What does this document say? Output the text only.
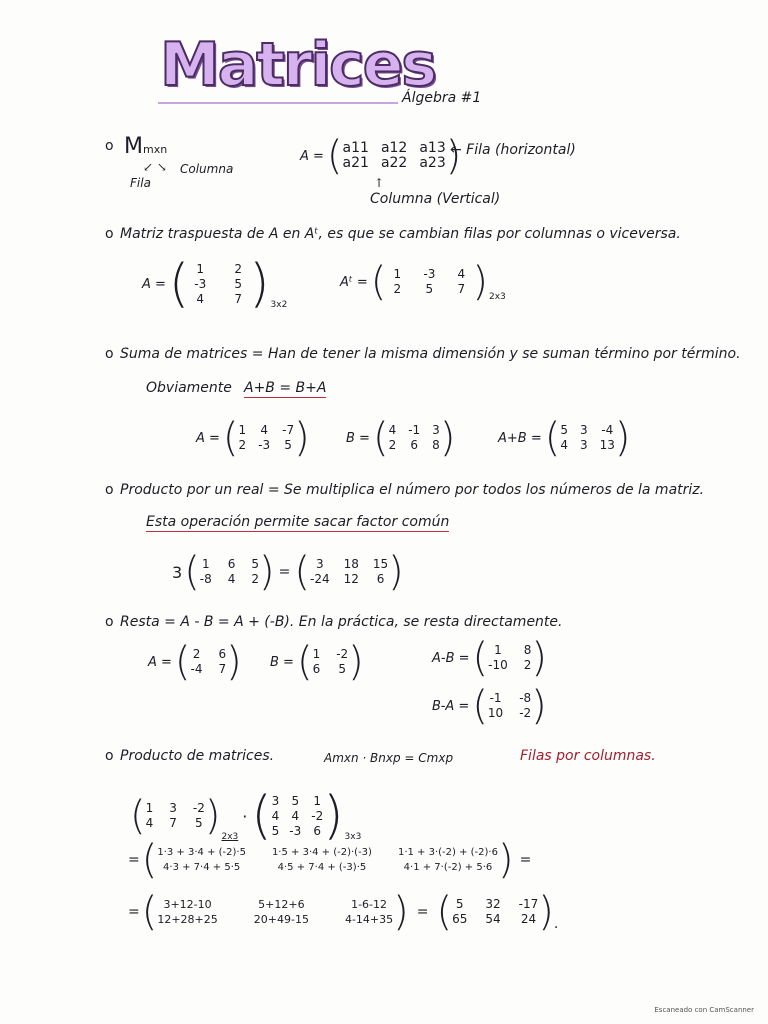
Matrices
Álgebra #1
o Mmxn
↙ ↘
Fila
Columna
A = ( a11 a12 a13
a21 a22 a23 )
← Fila (horizontal)
↑
Columna (Vertical)
o Matriz traspuesta de A en Aᵗ, es que se cambian filas por columnas o viceversa.
A = ( 1	2
-3	5
4	7 ) 3x2
Aᵗ = ( 1	-3	4
2	5	7 ) 2x3
o Suma de matrices = Han de tener la misma dimensión y se suman término por término.
Obviamente A+B = B+A
A = ( 1 4 -7
2 -3 5 )	B = ( 4 -1 3
2 6 8 )	A+B = ( 5 3 -4
4 3 13 )
o Producto por un real = Se multiplica el número por todos los números de la matriz.
Esta operación permite sacar factor común
3 ( 1 6 5
-8 4 2 ) = ( 3	18 15
-24 12	6 )
o Resta = A - B = A + (-B). En la práctica, se resta directamente.
A = ( 2 6
-4 7 ) B = ( 1 -2
6 5 )	A-B = ( 1	8
-10 2 )
B-A = ( -1 -8
10 -2 )
o Producto de matrices.	Amxn · Bnxp = Cmxp	Filas por columnas.
( 1 3 -2
4 7 5 ) 2x3
· ( 3 5 1
4 4 -2
5 -3 6 ) 3x3
= ( 1·3 + 3·4 + (-2)·5	1·5 + 3·4 + (-2)·(-3)	1·1 + 3·(-2) + (-2)·6
4·3 + 7·4 + 5·5	4·5 + 7·4 + (-3)·5	4·1 + 7·(-2) + 5·6 ) =
= ( 3+12-10	5+12+6	1-6-12
12+28+25	20+49-15	4-14+35 ) = ( 5	32 -17
65 54 24 ) .
Escaneado con CamScanner
